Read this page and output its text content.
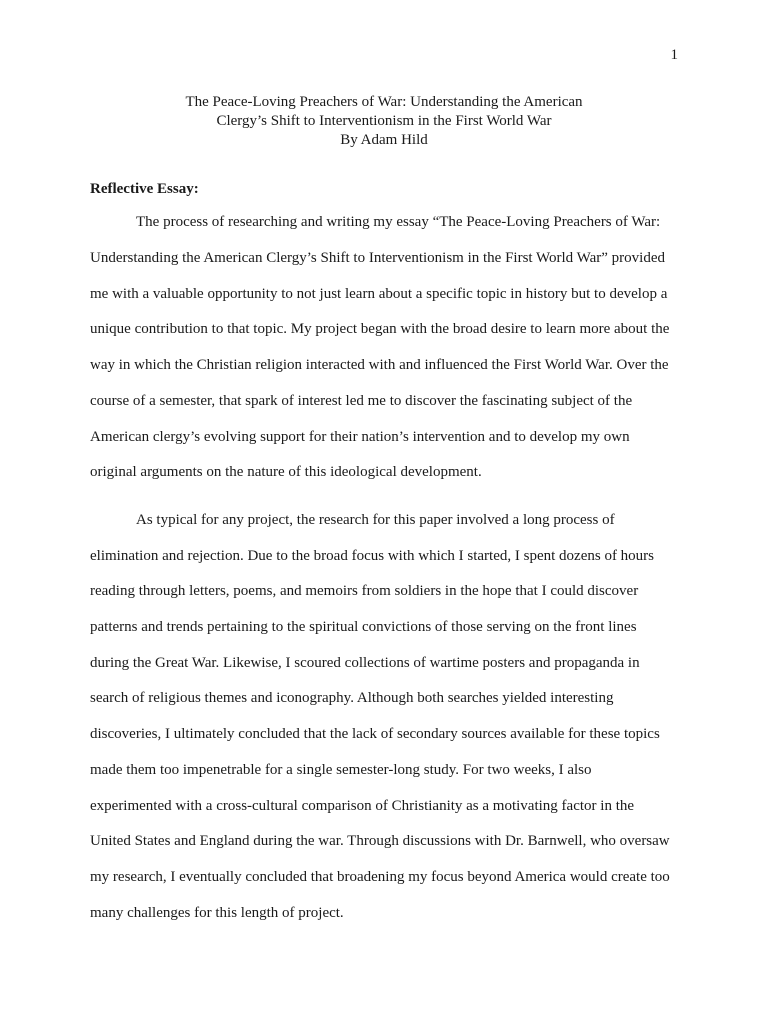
1
The Peace-Loving Preachers of War: Understanding the American
Clergy’s Shift to Interventionism in the First World War
By Adam Hild
Reflective Essay:
The process of researching and writing my essay “The Peace-Loving Preachers of War:
Understanding the American Clergy’s Shift to Interventionism in the First World War” provided
me with a valuable opportunity to not just learn about a specific topic in history but to develop a
unique contribution to that topic. My project began with the broad desire to learn more about the
way in which the Christian religion interacted with and influenced the First World War. Over the
course of a semester, that spark of interest led me to discover the fascinating subject of the
American clergy’s evolving support for their nation’s intervention and to develop my own
original arguments on the nature of this ideological development.
As typical for any project, the research for this paper involved a long process of
elimination and rejection. Due to the broad focus with which I started, I spent dozens of hours
reading through letters, poems, and memoirs from soldiers in the hope that I could discover
patterns and trends pertaining to the spiritual convictions of those serving on the front lines
during the Great War. Likewise, I scoured collections of wartime posters and propaganda in
search of religious themes and iconography. Although both searches yielded interesting
discoveries, I ultimately concluded that the lack of secondary sources available for these topics
made them too impenetrable for a single semester-long study. For two weeks, I also
experimented with a cross-cultural comparison of Christianity as a motivating factor in the
United States and England during the war. Through discussions with Dr. Barnwell, who oversaw
my research, I eventually concluded that broadening my focus beyond America would create too
many challenges for this length of project.
